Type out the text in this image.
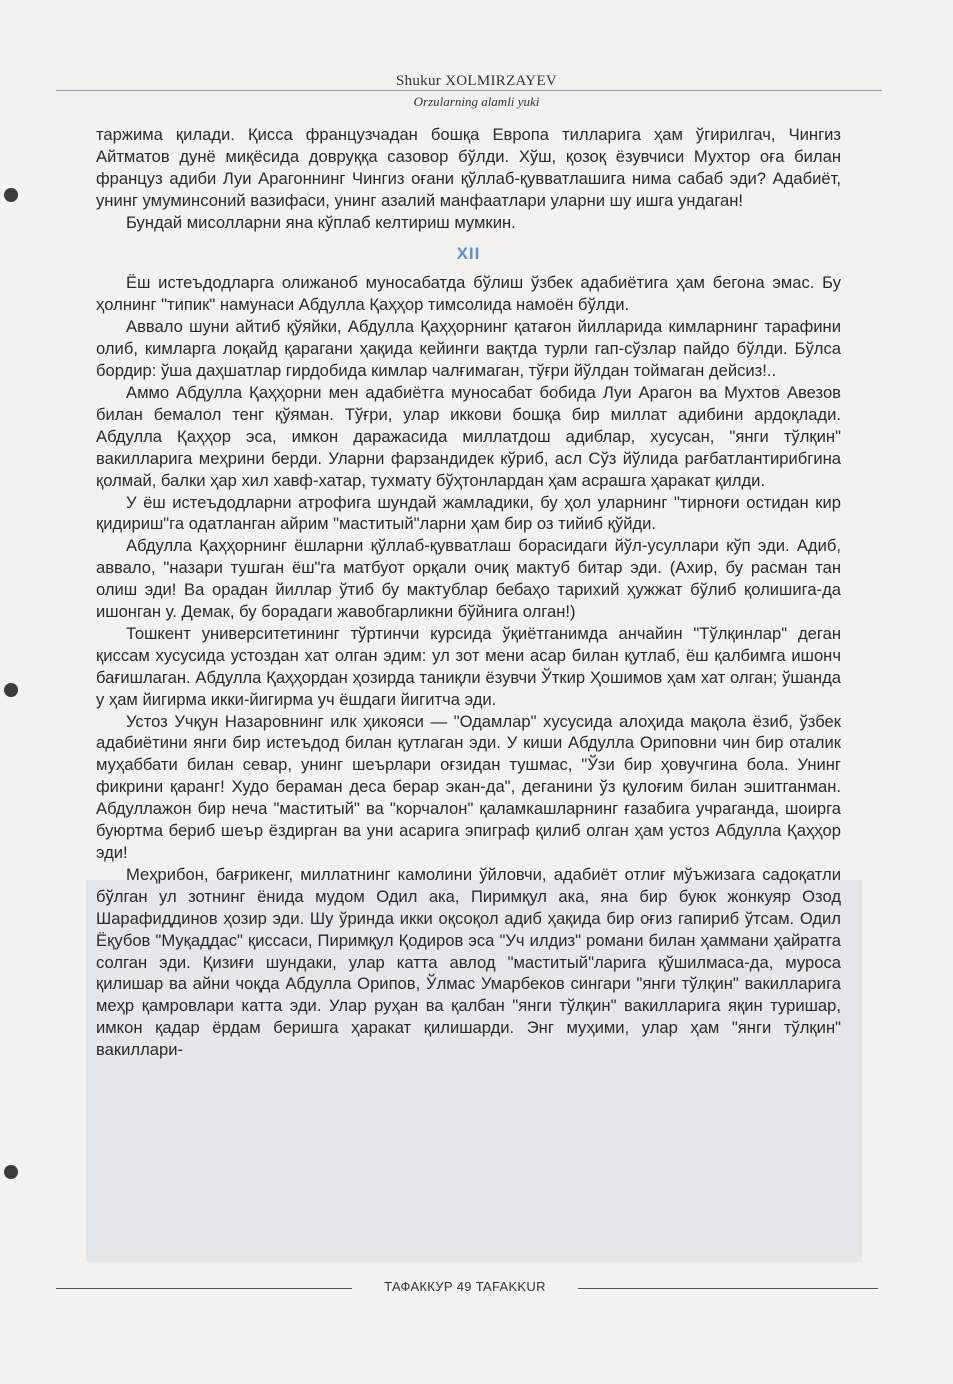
Shukur XOLMIRZAYEV
Orzularning alamli yuki

таржима қилади. Қисса французчадан бошқа Европа тилларига ҳам ўгирилгач, Чингиз Айтматов дунё миқёсида довруққа сазовор бўлди. Хўш, қозоқ ёзувчиси Мухтор оға билан француз адиби Луи Арагоннинг Чингиз оғани қўллаб-қувватлашига нима сабаб эди? Адабиёт, унинг умуминсоний вазифаси, унинг азалий манфаатлари уларни шу ишга ундаган!

Бундай мисолларни яна кўплаб келтириш мумкин.

XII

Ёш истеъдодларга олижаноб муносабатда бўлиш ўзбек адабиётига ҳам бегона эмас. Бу ҳолнинг "типик" намунаси Абдулла Қаҳҳор тимсолида намоён бўлди.

Аввало шуни айтиб қўяйки, Абдулла Қаҳҳорнинг қатағон йилларида кимларнинг тарафини олиб, кимларга лоқайд қарагани ҳақида кейинги вақтда турли гап-сўзлар пайдо бўлди. Бўлса бордир: ўша даҳшатлар гирдобида кимлар чалғимаган, тўғри йўлдан тоймаган дейсиз!..

Аммо Абдулла Қаҳҳорни мен адабиётга муносабат бобида Луи Арагон ва Мухтов Авезов билан бемалол тенг қўяман. Тўғри, улар иккови бошқа бир миллат адибини ардоқлади. Абдулла Қаҳҳор эса, имкон даражасида миллатдош адиблар, хусусан, "янги тўлқин" вакилларига меҳрини берди. Уларни фарзандидек кўриб, асл Сўз йўлида рағбатлантирибгина қолмай, балки ҳар хил хавф-хатар, тухмату бўҳтонлардан ҳам асрашга ҳаракат қилди.

У ёш истеъдодларни атрофига шундай жамладики, бу ҳол уларнинг "тирноғи остидан кир қидириш"га одатланган айрим "маститый"ларни ҳам бир оз тийиб қўйди.

Абдулла Қаҳҳорнинг ёшларни қўллаб-қувватлаш борасидаги йўл-усуллари кўп эди. Адиб, аввало, "назари тушган ёш"га матбуот орқали очиқ мактуб битар эди. (Ахир, бу расман тан олиш эди! Ва орадан йиллар ўтиб бу мактублар бебаҳо тарихий ҳужжат бўлиб қолишига-да ишонган у. Демак, бу борадаги жавобгарликни бўйнига олган!)

Тошкент университетининг тўртинчи курсида ўқиётганимда анчайин "Тўлқинлар" деган қиссам хусусида устоздан хат олган эдим: ул зот мени асар билан қутлаб, ёш қалбимга ишонч бағишлаган. Абдулла Қаҳҳордан ҳозирда таниқли ёзувчи Ўткир Ҳошимов ҳам хат олган; ўшанда у ҳам йигирма икки-йигирма уч ёшдаги йигитча эди.

Устоз Учқун Назаровнинг илк ҳикояси — "Одамлар" хусусида алоҳида мақола ёзиб, ўзбек адабиётини янги бир истеъдод билан қутлаган эди. У киши Абдулла Ориповни чин бир оталик муҳаббати билан севар, унинг шеърлари оғзидан тушмас, "Ўзи бир ҳовучгина бола. Унинг фикрини қаранг! Худо бераман деса берар экан-да", деганини ўз қулоғим билан эшитганман. Абдуллажон бир неча "маститый" ва "корчалон" қаламкашларнинг ғазабига учраганда, шоирга буюртма бериб шеър ёздирган ва уни асарига эпиграф қилиб олган ҳам устоз Абдулла Қаҳҳор эди!

Меҳрибон, бағрикенг, миллатнинг камолини ўйловчи, адабиёт отлиғ мўъжизага садоқатли бўлган ул зотнинг ёнида мудом Одил ака, Пиримқул ака, яна бир буюк жонкуяр Озод Шарафиддинов ҳозир эди. Шу ўринда икки оқсоқол адиб ҳақида бир оғиз гапириб ўтсам. Одил Ёқубов "Муқаддас" қиссаси, Пиримқул Қодиров эса "Уч илдиз" романи билан ҳаммани ҳайратга солган эди. Қизиғи шундаки, улар катта авлод "маститый"ларига қўшилмаса-да, муроса қилишар ва айни чоқда Абдулла Орипов, Ўлмас Умарбеков сингари "янги тўлқин" вакилларига меҳр қамровлари катта эди. Улар руҳан ва қалбан "янги тўлқин" вакилларига яқин туришар, имкон қадар ёрдам беришга ҳаракат қилишарди. Энг муҳими, улар ҳам "янги тўлқин" вакиллари-

ТАФАККУР 49 TAFAKKUR
